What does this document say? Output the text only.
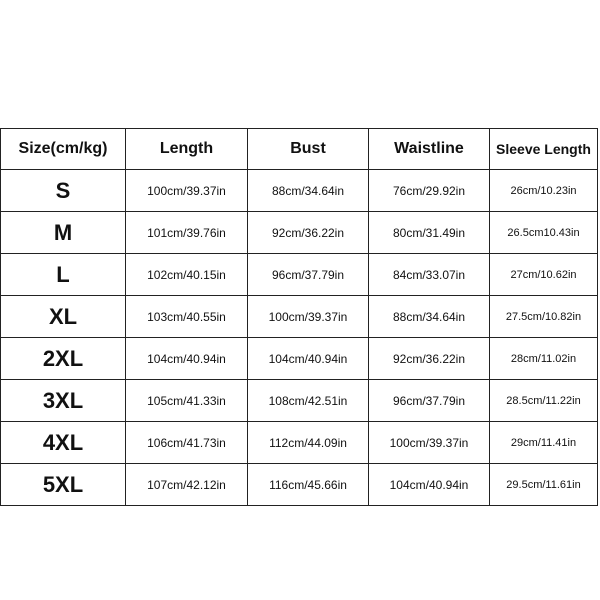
Size(cm/kg)	Length	Bust	Waistline	Sleeve Length
S	100cm/39.37in	88cm/34.64in	76cm/29.92in	26cm/10.23in
M	101cm/39.76in	92cm/36.22in	80cm/31.49in	26.5cm10.43in
L	102cm/40.15in	96cm/37.79in	84cm/33.07in	27cm/10.62in
XL	103cm/40.55in	100cm/39.37in	88cm/34.64in	27.5cm/10.82in
2XL	104cm/40.94in	104cm/40.94in	92cm/36.22in	28cm/11.02in
3XL	105cm/41.33in	108cm/42.51in	96cm/37.79in	28.5cm/11.22in
4XL	106cm/41.73in	112cm/44.09in	100cm/39.37in	29cm/11.41in
5XL	107cm/42.12in	116cm/45.66in	104cm/40.94in	29.5cm/11.61in
